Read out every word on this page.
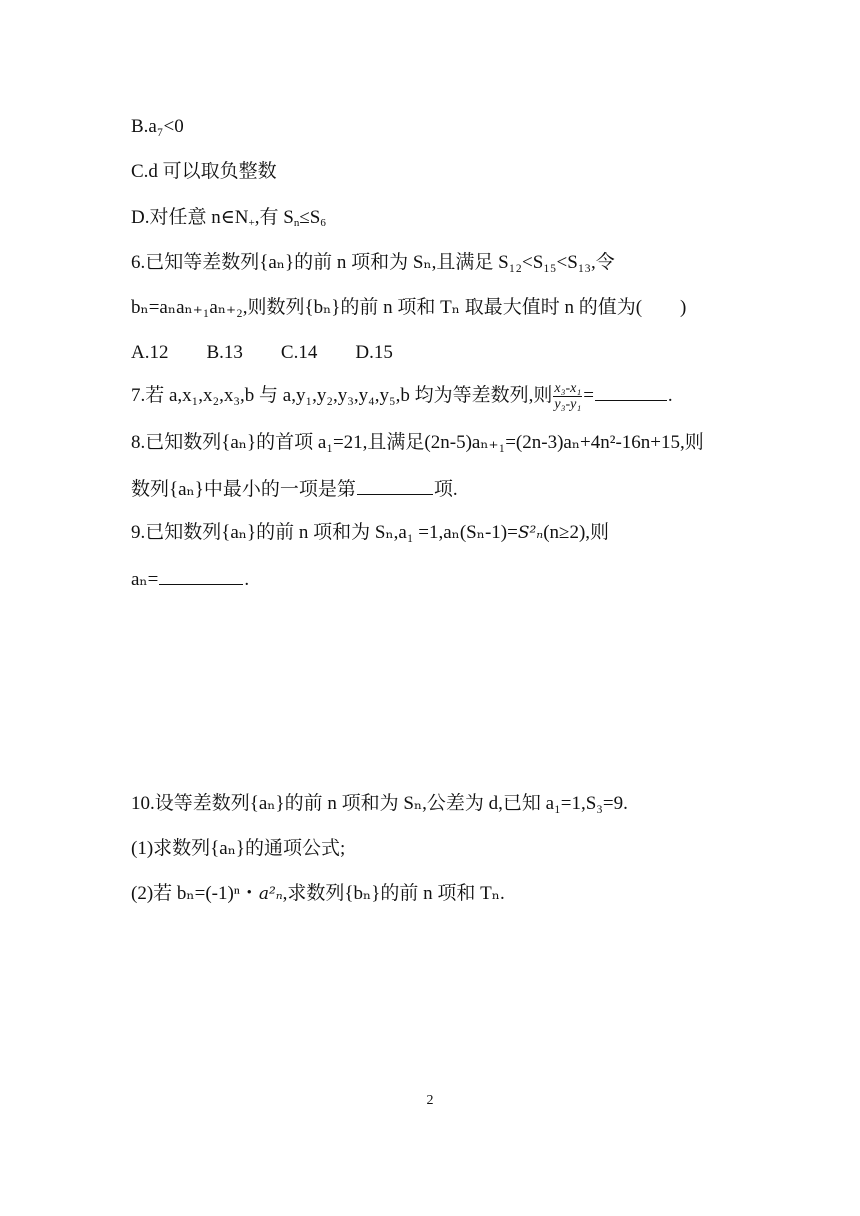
B.a₇<0
C.d 可以取负整数
D.对任意 $n\in N_+$,有 $S_n\le S_6$
6.已知等差数列{aₙ}的前 n 项和为 Sₙ,且满足 S₁₂<S₁₅<S₁₃,令
bₙ=aₙaₙ₊₁aₙ₊₂,则数列{bₙ}的前 n 项和 Tₙ 取最大值时 n 的值为(　　)
A.12 B.13 C.14 D.15
7.若 a,x₁,x₂,x₃,b 与 a,y₁,y₂,y₃,y₄,y₅,b 均为等差数列,则 $\frac{\text{x₃-x₁}}{\text{y₃-y₁}}$ =	.
8.已知数列{aₙ}的首项 a₁=21,且满足(2n-5)aₙ₊₁=(2n-3)aₙ+4n²-16n+15,则
数列{aₙ}中最小的一项是第	项.
9.已知数列{aₙ}的前 n 项和为 Sₙ,a₁ =1,aₙ(Sₙ-1)=S²ₙ(n≥2),则
aₙ=	.
10.设等差数列{aₙ}的前 n 项和为 Sₙ,公差为 d,已知 a₁=1,S₃=9.
(1)求数列{aₙ}的通项公式;
(2)若 bₙ=(-1)ⁿ・a²ₙ,求数列{bₙ}的前 n 项和 Tₙ.
2
